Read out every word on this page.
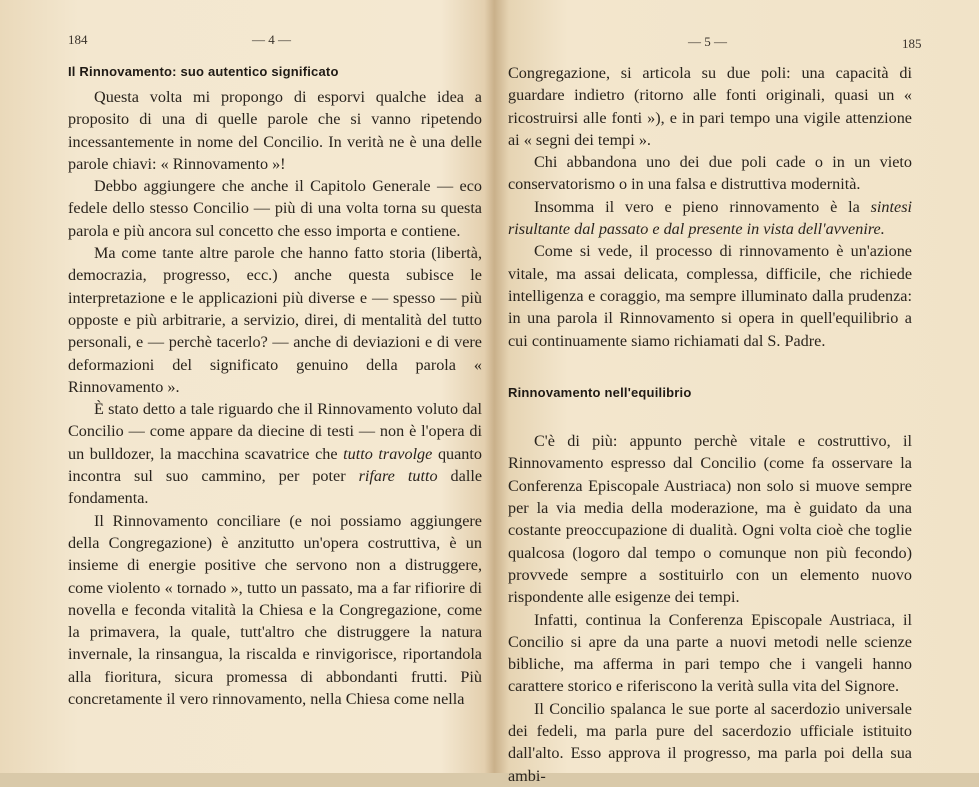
184	— 4 —
Il Rinnovamento: suo autentico significato

Questa volta mi propongo di esporvi qualche idea a proposito di una di quelle parole che si vanno ripetendo incessantemente in nome del Concilio. In verità ne è una delle parole chiavi: « Rinnovamento »!

Debbo aggiungere che anche il Capitolo Generale — eco fedele dello stesso Concilio — più di una volta torna su questa parola e più ancora sul concetto che esso importa e contiene.

Ma come tante altre parole che hanno fatto storia (libertà, democrazia, progresso, ecc.) anche questa subisce le interpretazione e le applicazioni più diverse e — spesso — più opposte e più arbitrarie, a servizio, direi, di mentalità del tutto personali, e — perchè tacerlo? — anche di deviazioni e di vere deformazioni del significato genuino della parola « Rinnovamento ».

È stato detto a tale riguardo che il Rinnovamento voluto dal Concilio — come appare da diecine di testi — non è l'opera di un bulldozer, la macchina scavatrice che tutto travolge quanto incontra sul suo cammino, per poter rifare tutto dalle fondamenta.

Il Rinnovamento conciliare (e noi possiamo aggiungere della Congregazione) è anzitutto un'opera costruttiva, è un insieme di energie positive che servono non a distruggere, come violento « tornado », tutto un passato, ma a far rifiorire di novella e feconda vitalità la Chiesa e la Congregazione, come la primavera, la quale, tutt'altro che distruggere la natura invernale, la rinsangua, la riscalda e rinvigorisce, riportandola alla fioritura, sicura promessa di abbondanti frutti. Più concretamente il vero rinnovamento, nella Chiesa come nella

— 5 —	185

Congregazione, si articola su due poli: una capacità di guardare indietro (ritorno alle fonti originali, quasi un « ricostruirsi alle fonti »), e in pari tempo una vigile attenzione ai « segni dei tempi ».

Chi abbandona uno dei due poli cade o in un vieto conservatorismo o in una falsa e distruttiva modernità.

Insomma il vero e pieno rinnovamento è la sintesi risultante dal passato e dal presente in vista dell'avvenire.

Come si vede, il processo di rinnovamento è un'azione vitale, ma assai delicata, complessa, difficile, che richiede intelligenza e coraggio, ma sempre illuminato dalla prudenza: in una parola il Rinnovamento si opera in quell'equilibrio a cui continuamente siamo richiamati dal S. Padre.

Rinnovamento nell'equilibrio

C'è di più: appunto perchè vitale e costruttivo, il Rinnovamento espresso dal Concilio (come fa osservare la Conferenza Episcopale Austriaca) non solo si muove sempre per la via media della moderazione, ma è guidato da una costante preoccupazione di dualità. Ogni volta cioè che toglie qualcosa (logoro dal tempo o comunque non più fecondo) provvede sempre a sostituirlo con un elemento nuovo rispondente alle esigenze dei tempi.

Infatti, continua la Conferenza Episcopale Austriaca, il Concilio si apre da una parte a nuovi metodi nelle scienze bibliche, ma afferma in pari tempo che i vangeli hanno carattere storico e riferiscono la verità sulla vita del Signore.

Il Concilio spalanca le sue porte al sacerdozio universale dei fedeli, ma parla pure del sacerdozio ufficiale istituito dall'alto. Esso approva il progresso, ma parla poi della sua ambi-
